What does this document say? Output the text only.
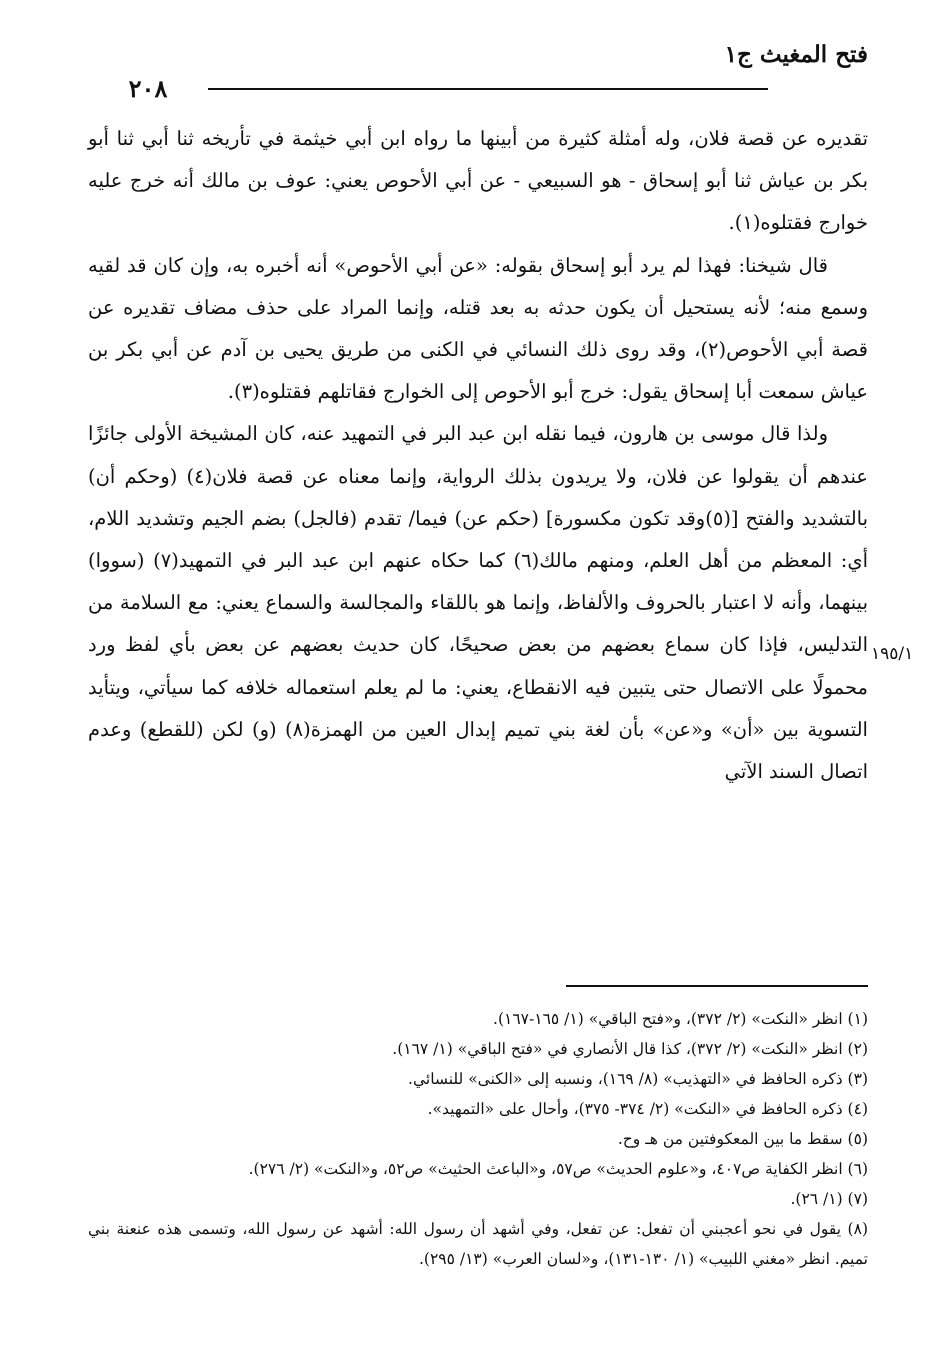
فتح المغيث ج١
٢٠٨

تقديره عن قصة فلان، وله أمثلة كثيرة من أبينها ما رواه ابن أبي خيثمة في تأريخه ثنا أبي ثنا أبو بكر بن عياش ثنا أبو إسحاق - هو السبيعي - عن أبي الأحوص يعني: عوف بن مالك أنه خرج عليه خوارج فقتلوه(١).

قال شيخنا: فهذا لم يرد أبو إسحاق بقوله: «عن أبي الأحوص» أنه أخبره به، وإن كان قد لقيه وسمع منه؛ لأنه يستحيل أن يكون حدثه به بعد قتله، وإنما المراد على حذف مضاف تقديره عن قصة أبي الأحوص(٢)، وقد روى ذلك النسائي في الكنى من طريق يحيى بن آدم عن أبي بكر بن عياش سمعت أبا إسحاق يقول: خرج أبو الأحوص إلى الخوارج فقاتلهم فقتلوه(٣).

ولذا قال موسى بن هارون، فيما نقله ابن عبد البر في التمهيد عنه، كان المشيخة الأولى جائزًا عندهم أن يقولوا عن فلان، ولا يريدون بذلك الرواية، وإنما معناه عن قصة فلان(٤) (وحكم أن) بالتشديد والفتح [(٥)وقد تكون مكسورة] (حكم عن) فيما/ تقدم (فالجل) بضم الجيم وتشديد اللام، أي: المعظم من أهل العلم، ومنهم مالك(٦) كما حكاه عنهم ابن عبد البر في التمهيد(٧) (سووا) بينهما، وأنه لا اعتبار بالحروف والألفاظ، وإنما هو باللقاء والمجالسة والسماع يعني: مع السلامة من التدليس، فإذا كان سماع بعضهم من بعض صحيحًا، كان حديث بعضهم عن بعض بأي لفظ ورد محمولًا على الاتصال حتى يتبين فيه الانقطاع، يعني: ما لم يعلم استعماله خلافه كما سيأتي، ويتأيد التسوية بين «أن» و«عن» بأن لغة بني تميم إبدال العين من الهمزة(٨) (و) لكن (للقطع) وعدم اتصال السند الآتي

١٩٥/١

(١) انظر «النكت» (٢/ ٣٧٢)، و«فتح الباقي» (١/ ١٦٥-١٦٧).

(٢) انظر «النكت» (٢/ ٣٧٢)، كذا قال الأنصاري في «فتح الباقي» (١/ ١٦٧).

(٣) ذكره الحافظ في «التهذيب» (٨/ ١٦٩)، ونسبه إلى «الكنى» للنسائي.

(٤) ذكره الحافظ في «النكت» (٢/ ٣٧٤- ٣٧٥)، وأحال على «التمهيد».

(٥) سقط ما بين المعكوفتين من هـ وح.

(٦) انظر الكفاية ص٤٠٧، و«علوم الحديث» ص٥٧، و«الباعث الحثيث» ص٥٢، و«النكت» (٢/ ٢٧٦).

(٧) (١/ ٢٦).

(٨) يقول في نحو أعجبني أن تفعل: عن تفعل، وفي أشهد أن رسول الله: أشهد عن رسول الله، وتسمى هذه عنعنة بني تميم. انظر «مغني اللبيب» (١/ ١٣٠-١٣١)، و«لسان العرب» (١٣/ ٢٩٥).
